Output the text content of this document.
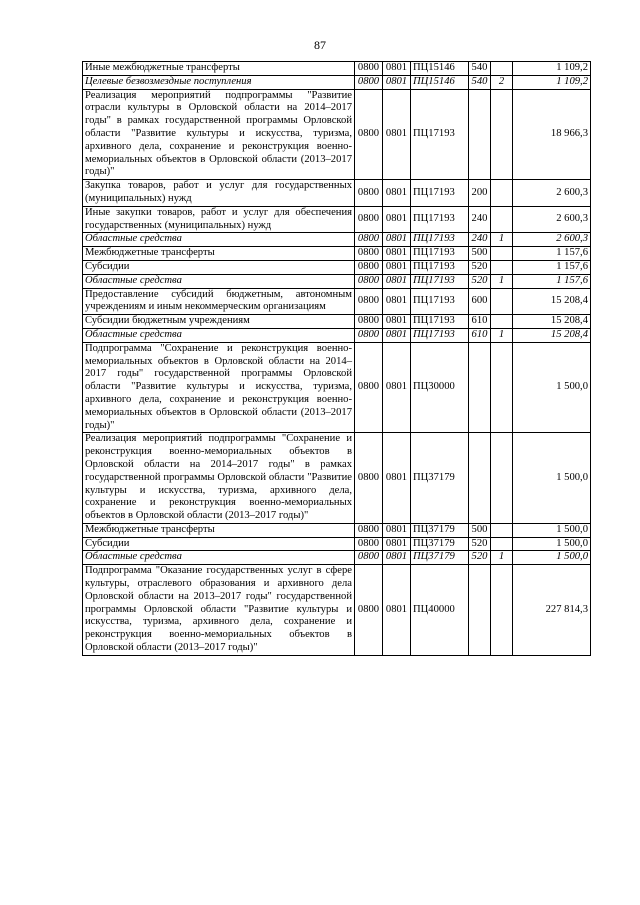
87
Иные межбюджетные трансферты	0800	0801	ПЦ15146	540		1 109,2
Целевые безвозмездные поступления	0800	0801	ПЦ15146	540	2	1 109,2
Реализация мероприятий подпрограммы "Развитие отрасли культуры в Орловской области на 2014–2017 годы" в рамках государственной программы Орловской области "Развитие культуры и искусства, туризма, архивного дела, сохранение и реконструкция военно-мемориальных объектов в Орловской области (2013–2017 годы)"	0800	0801	ПЦ17193			18 966,3
Закупка товаров, работ и услуг для государственных (муниципальных) нужд	0800	0801	ПЦ17193	200		2 600,3
Иные закупки товаров, работ и услуг для обеспечения государственных (муниципальных) нужд	0800	0801	ПЦ17193	240		2 600,3
Областные средства	0800	0801	ПЦ17193	240	1	2 600,3
Межбюджетные трансферты	0800	0801	ПЦ17193	500		1 157,6
Субсидии	0800	0801	ПЦ17193	520		1 157,6
Областные средства	0800	0801	ПЦ17193	520	1	1 157,6
Предоставление субсидий бюджетным, автономным учреждениям и иным некоммерческим организациям	0800	0801	ПЦ17193	600		15 208,4
Субсидии бюджетным учреждениям	0800	0801	ПЦ17193	610		15 208,4
Областные средства	0800	0801	ПЦ17193	610	1	15 208,4
Подпрограмма "Сохранение и реконструкция военно-мемориальных объектов в Орловской области на 2014–2017 годы" государственной программы Орловской области "Развитие культуры и искусства, туризма, архивного дела, сохранение и реконструкция военно-мемориальных объектов в Орловской области (2013–2017 годы)"	0800	0801	ПЦ30000			1 500,0
Реализация мероприятий подпрограммы "Сохранение и реконструкция военно-мемориальных объектов в Орловской области на 2014–2017 годы" в рамках государственной программы Орловской области "Развитие культуры и искусства, туризма, архивного дела, сохранение и реконструкция военно-мемориальных объектов в Орловской области (2013–2017 годы)"	0800	0801	ПЦ37179			1 500,0
Межбюджетные трансферты	0800	0801	ПЦ37179	500		1 500,0
Субсидии	0800	0801	ПЦ37179	520		1 500,0
Областные средства	0800	0801	ПЦ37179	520	1	1 500,0
Подпрограмма "Оказание государственных услуг в сфере культуры, отраслевого образования и архивного дела Орловской области на 2013–2017 годы" государственной программы Орловской области "Развитие культуры и искусства, туризма, архивного дела, сохранение и реконструкция военно-мемориальных объектов в Орловской области (2013–2017 годы)"	0800	0801	ПЦ40000			227 814,3
